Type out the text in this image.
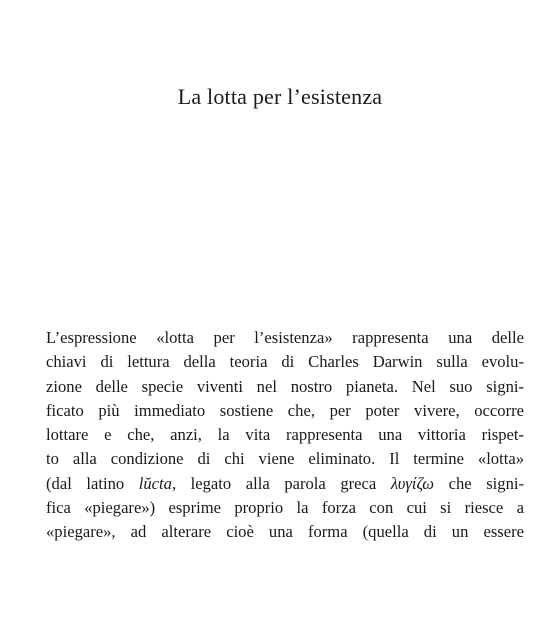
La lotta per l’esistenza
L’espressione «lotta per l’esistenza» rappresenta una delle
chiavi di lettura della teoria di Charles Darwin sulla evolu-
zione delle specie viventi nel nostro pianeta. Nel suo signi-
ficato più immediato sostiene che, per poter vivere, occorre
lottare e che, anzi, la vita rappresenta una vittoria rispet-
to alla condizione di chi viene eliminato. Il termine «lotta»
(dal latino lŭcta, legato alla parola greca λυγίζω che signi-
fica «piegare») esprime proprio la forza con cui si riesce a
«piegare», ad alterare cioè una forma (quella di un essere
